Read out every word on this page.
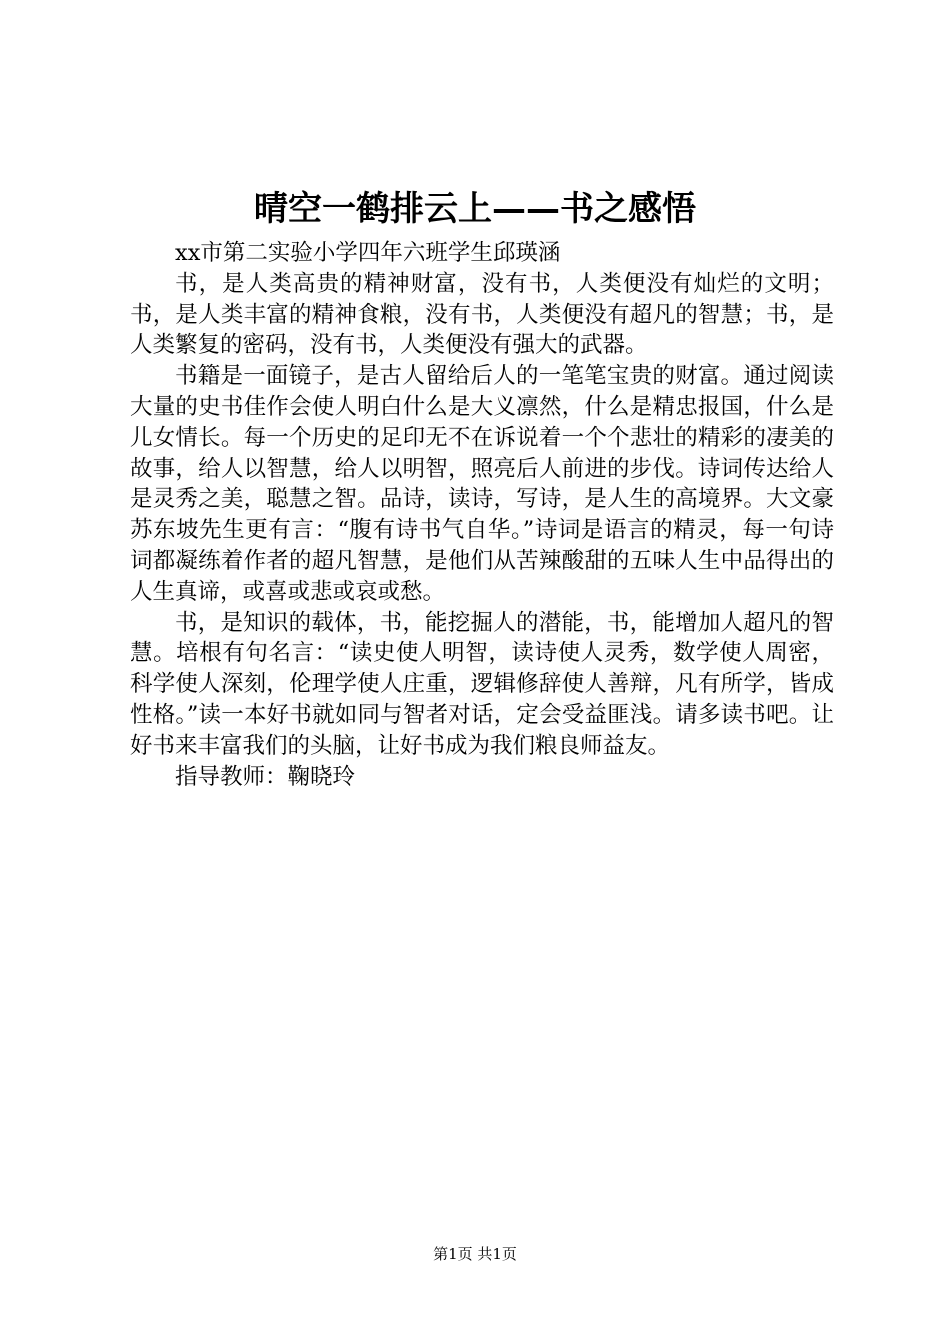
晴空一鹤排云上——书之感悟

xx市第二实验小学四年六班学生邱瑛涵

书，是人类高贵的精神财富，没有书，人类便没有灿烂的文明；书，是人类丰富的精神食粮，没有书，人类便没有超凡的智慧；书，是人类繁复的密码，没有书，人类便没有强大的武器。

书籍是一面镜子，是古人留给后人的一笔笔宝贵的财富。通过阅读大量的史书佳作会使人明白什么是大义凛然，什么是精忠报国，什么是儿女情长。每一个历史的足印无不在诉说着一个个悲壮的精彩的凄美的故事，给人以智慧，给人以明智，照亮后人前进的步伐。诗词传达给人是灵秀之美，聪慧之智。品诗，读诗，写诗，是人生的高境界。大文豪苏东坡先生更有言：“腹有诗书气自华。”诗词是语言的精灵，每一句诗词都凝练着作者的超凡智慧，是他们从苦辣酸甜的五味人生中品得出的人生真谛，或喜或悲或哀或愁。

书，是知识的载体，书，能挖掘人的潜能，书，能增加人超凡的智慧。培根有句名言：“读史使人明智，读诗使人灵秀，数学使人周密，科学使人深刻，伦理学使人庄重，逻辑修辞使人善辩，凡有所学，皆成性格。”读一本好书就如同与智者对话，定会受益匪浅。请多读书吧。让好书来丰富我们的头脑，让好书成为我们粮良师益友。

指导教师：鞠晓玲

第1页 共1页
